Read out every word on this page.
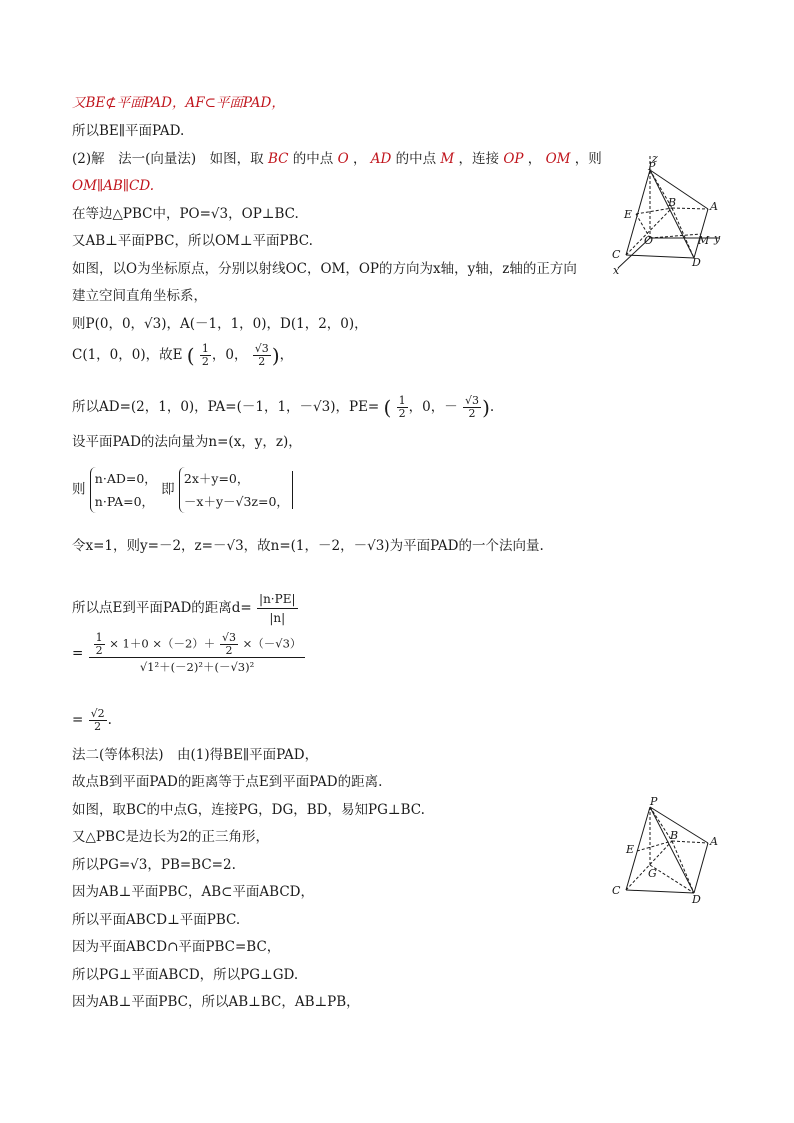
又BE⊄平面PAD，AF⊂平面PAD，
所以BE∥平面PAD.
(2)解　法一(向量法)　如图，取 BC 的中点 O ， AD 的中点 M ，连接 OP ， OM ，则
OM∥AB∥CD.
在等边△PBC中，PO=√3，OP⊥BC.
又AB⊥平面PBC，所以OM⊥平面PBC.
如图，以O为坐标原点，分别以射线OC，OM，OP的方向为x轴，y轴，z轴的正方向
建立空间直角坐标系，
则P(0，0，√3)，A(－1，1，0)，D(1，2，0)，
C(1，0，0)，故E ( $\frac{1}{2}$ ，0， $\frac{√3}{2}$ )，
所以AD=(2，1，0)，PA=(－1，1，－√3)，PE= ( $\frac{1}{2}$ ，0，－ $\frac{√3}{2}$ ).
设平面PAD的法向量为n=(x，y，z)，
则
n·AD=0，
n·PA=0，
即
2x＋y=0，
－x＋y－√3z=0，
令x=1，则y=－2，z=－√3，故n=(1，－2，－√3)为平面PAD的一个法向量.
所以点E到平面PAD的距离$d= \frac{|n\cdot PE|}{|n|}$
= $\frac{\frac{1}{2} \times 1+0 \times(-2)+ \frac{√3}{2} \times(-√3)}{\text{√1²＋(－2)²＋(－√3)²}}$
= $\frac{√2}{2}$ .
法二(等体积法)　由(1)得BE∥平面PAD，
故点B到平面PAD的距离等于点E到平面PAD的距离.
如图，取BC的中点G，连接PG，DG，BD，易知PG⊥BC.
又△PBC是边长为2的正三角形，
所以PG=√3，PB=BC=2.
因为AB⊥平面PBC，AB⊂平面ABCD，
所以平面ABCD⊥平面PBC.
因为平面ABCD∩平面PBC=BC，
所以PG⊥平面ABCD，所以PG⊥GD.
因为AB⊥平面PBC，所以AB⊥BC，AB⊥PB，
z
P
B	A
E
O	M y
C
D
x
P
B	A
E
G
C
D
